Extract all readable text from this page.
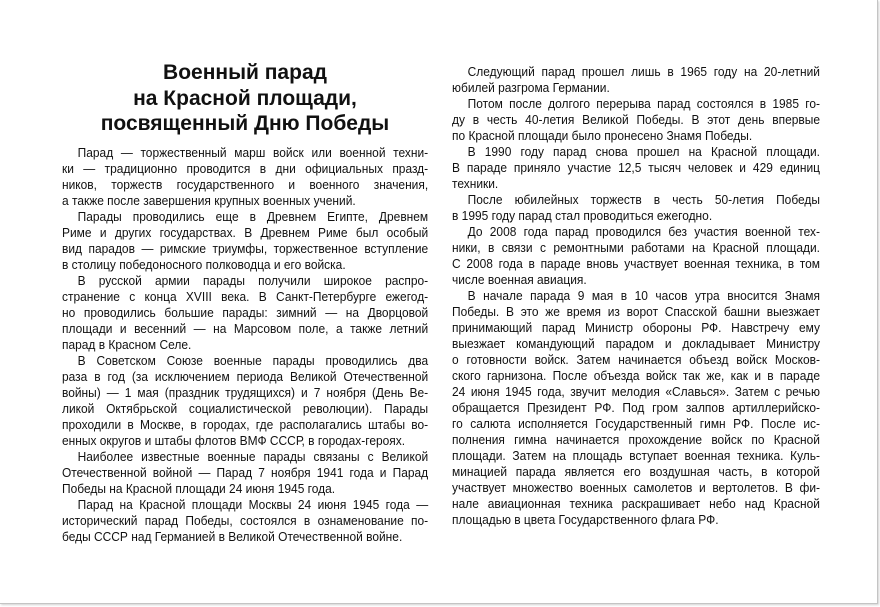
Военный парад
на Красной площади,
посвященный Дню Победы

Парад — торжественный марш войск или военной техни-
ки — традиционно проводится в дни официальных празд-
ников, торжеств государственного и военного значения,
а также после завершения крупных военных учений.

Парады проводились еще в Древнем Египте, Древнем
Риме и других государствах. В Древнем Риме был особый
вид парадов — римские триумфы, торжественное вступление
в столицу победоносного полководца и его войска.

В русской армии парады получили широкое распро-
странение с конца XVIII века. В Санкт-Петербурге ежегод-
но проводились большие парады: зимний — на Дворцовой
площади и весенний — на Марсовом поле, а также летний
парад в Красном Селе.

В Советском Союзе военные парады проводились два
раза в год (за исключением периода Великой Отечественной
войны) — 1 мая (праздник трудящихся) и 7 ноября (День Ве-
ликой Октябрьской социалистической революции). Парады
проходили в Москве, в городах, где располагались штабы во-
енных округов и штабы флотов ВМФ СССР, в городах-героях.

Наиболее известные военные парады связаны с Великой
Отечественной войной — Парад 7 ноября 1941 года и Парад
Победы на Красной площади 24 июня 1945 года.

Парад на Красной площади Москвы 24 июня 1945 года —
исторический парад Победы, состоялся в ознаменование по-
беды СССР над Германией в Великой Отечественной войне.

Следующий парад прошел лишь в 1965 году на 20-летний
юбилей разгрома Германии.

Потом после долгого перерыва парад состоялся в 1985 го-
ду в честь 40-летия Великой Победы. В этот день впервые
по Красной площади было пронесено Знамя Победы.

В 1990 году парад снова прошел на Красной площади.
В параде приняло участие 12,5 тысяч человек и 429 единиц
техники.

После юбилейных торжеств в честь 50-летия Победы
в 1995 году парад стал проводиться ежегодно.

До 2008 года парад проводился без участия военной тех-
ники, в связи с ремонтными работами на Красной площади.
С 2008 года в параде вновь участвует военная техника, в том
числе военная авиация.

В начале парада 9 мая в 10 часов утра вносится Знамя
Победы. В это же время из ворот Спасской башни выезжает
принимающий парад Министр обороны РФ. Навстречу ему
выезжает командующий парадом и докладывает Министру
о готовности войск. Затем начинается объезд войск Москов-
ского гарнизона. После объезда войск так же, как и в параде
24 июня 1945 года, звучит мелодия «Славься». Затем с речью
обращается Президент РФ. Под гром залпов артиллерийско-
го салюта исполняется Государственный гимн РФ. После ис-
полнения гимна начинается прохождение войск по Красной
площади. Затем на площадь вступает военная техника. Куль-
минацией парада является его воздушная часть, в которой
участвует множество военных самолетов и вертолетов. В фи-
нале авиационная техника раскрашивает небо над Красной
площадью в цвета Государственного флага РФ.
